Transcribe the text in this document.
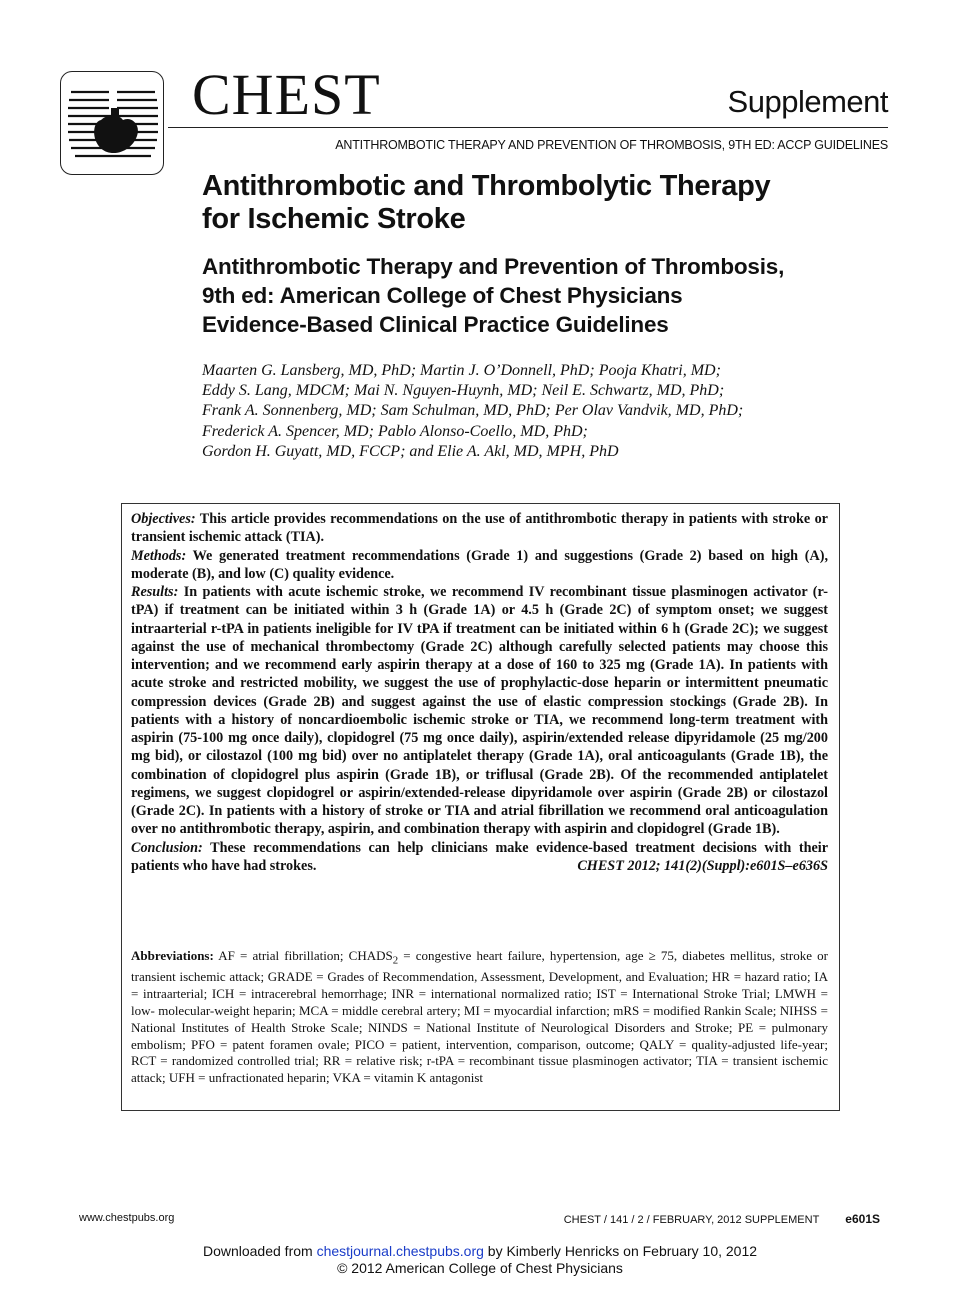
CHEST	Supplement
ANTITHROMBOTIC THERAPY AND PREVENTION OF THROMBOSIS, 9TH ED: ACCP GUIDELINES
Antithrombotic and Thrombolytic Therapy
for Ischemic Stroke
Antithrombotic Therapy and Prevention of Thrombosis,
9th ed: American College of Chest Physicians
Evidence-Based Clinical Practice Guidelines
Maarten G. Lansberg, MD, PhD; Martin J. O’Donnell, PhD; Pooja Khatri, MD;
Eddy S. Lang, MDCM; Mai N. Nguyen-Huynh, MD; Neil E. Schwartz, MD, PhD;
Frank A. Sonnenberg, MD; Sam Schulman, MD, PhD; Per Olav Vandvik, MD, PhD;
Frederick A. Spencer, MD; Pablo Alonso-Coello, MD, PhD;
Gordon H. Guyatt, MD, FCCP; and Elie A. Akl, MD, MPH, PhD

Objectives: This article provides recommendations on the use of antithrombotic therapy in patients with stroke or transient ischemic attack (TIA).

Methods: We generated treatment recommendations (Grade 1) and suggestions (Grade 2) based on high (A), moderate (B), and low (C) quality evidence.

Results: In patients with acute ischemic stroke, we recommend IV recombinant tissue plasminogen activator (r-tPA) if treatment can be initiated within 3 h (Grade 1A) or 4.5 h (Grade 2C) of symptom onset; we suggest intraarterial r-tPA in patients ineligible for IV tPA if treatment can be initiated within 6 h (Grade 2C); we suggest against the use of mechanical thrombectomy (Grade 2C) although carefully selected patients may choose this intervention; and we recommend early aspirin therapy at a dose of 160 to 325 mg (Grade 1A). In patients with acute stroke and restricted mobility, we suggest the use of prophylactic-dose heparin or intermittent pneumatic compression devices (Grade 2B) and suggest against the use of elastic compression stockings (Grade 2B). In patients with a history of noncardioembolic ischemic stroke or TIA, we recommend long-term treatment with aspirin (75-100 mg once daily), clopidogrel (75 mg once daily), aspirin/extended release dipyridamole (25 mg/200 mg bid), or cilostazol (100 mg bid) over no antiplatelet therapy (Grade 1A), oral anticoagulants (Grade 1B), the combination of clopidogrel plus aspirin (Grade 1B), or triflusal (Grade 2B). Of the recommended antiplatelet regimens, we suggest clopidogrel or aspirin/extended-release dipyridamole over aspirin (Grade 2B) or cilostazol (Grade 2C). In patients with a history of stroke or TIA and atrial fibrillation we recommend oral anticoagulation over no antithrombotic therapy, aspirin, and combination therapy with aspirin and clopidogrel (Grade 1B).

Conclusion: These recommendations can help clinicians make evidence-based treatment decisions with their patients who have had strokes.	CHEST 2012; 141(2)(Suppl):e601S–e636S

Abbreviations: AF = atrial fibrillation; $CHADS_2$ = congestive heart failure, hypertension, age ≥ 75, diabetes mellitus, stroke or transient ischemic attack; GRADE = Grades of Recommendation, Assessment, Development, and Evaluation; HR = hazard ratio; IA = intraarterial; ICH = intracerebral hemorrhage; INR = international normalized ratio; IST = International Stroke Trial; LMWH = low- molecular-weight heparin; MCA = middle cerebral artery; MI = myocardial infarction; mRS = modified Rankin Scale; NIHSS = National Institutes of Health Stroke Scale; NINDS = National Institute of Neurological Disorders and Stroke; PE = pulmonary embolism; PFO = patent foramen ovale; PICO = patient, intervention, comparison, outcome; QALY = quality-adjusted life-year; RCT = randomized controlled trial; RR = relative risk; r-tPA = recombinant tissue plasminogen activator; TIA = transient ischemic attack; UFH = unfractionated heparin; VKA = vitamin K antagonist
www.chestpubs.org	CHEST / 141 / 2 / FEBRUARY, 2012 SUPPLEMENT e601S
Downloaded from chestjournal.chestpubs.org by Kimberly Henricks on February 10, 2012
© 2012 American College of Chest Physicians
